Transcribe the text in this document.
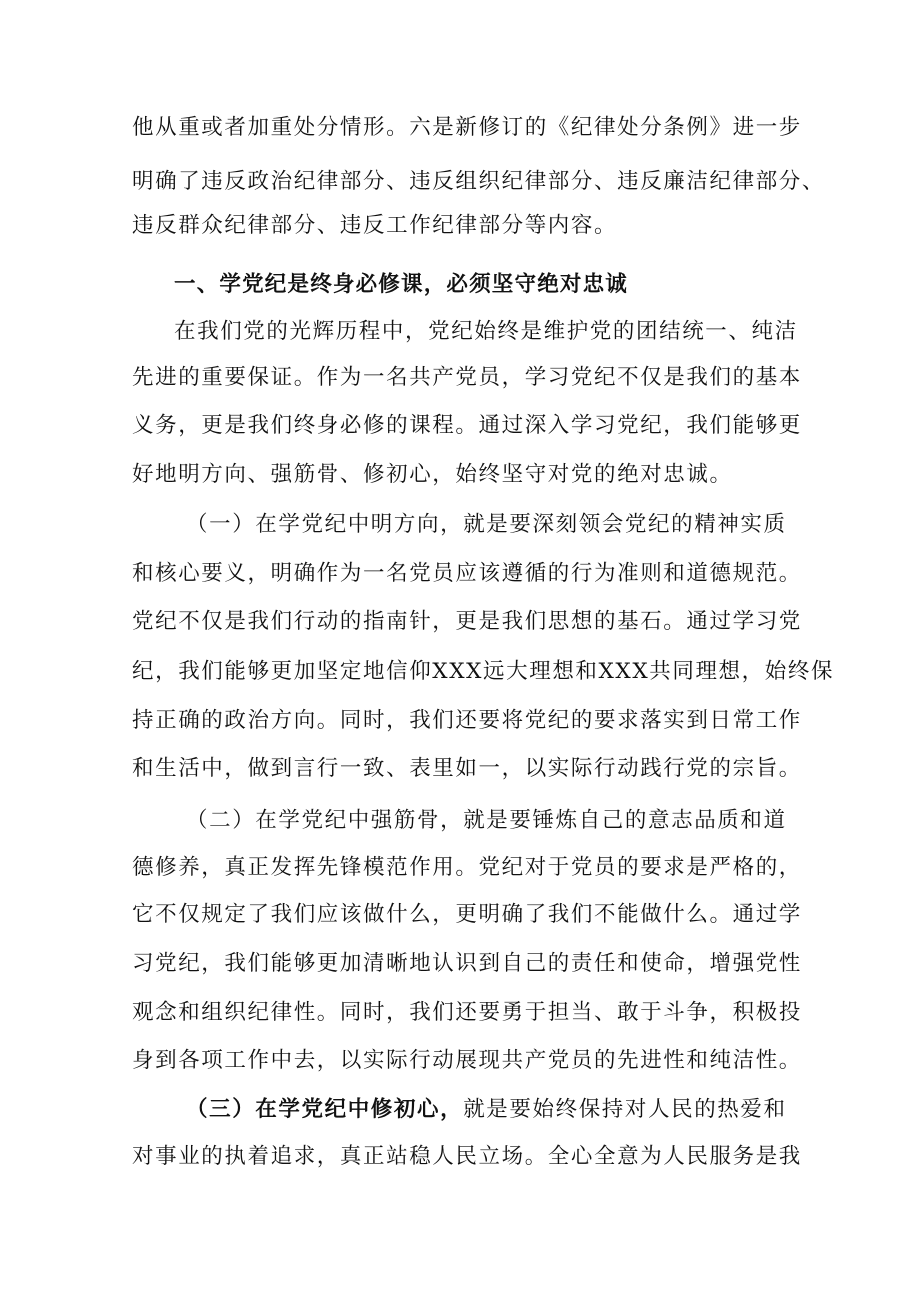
他从重或者加重处分情形。六是新修订的《纪律处分条例》进一步
明确了违反政治纪律部分、违反组织纪律部分、违反廉洁纪律部分、
违反群众纪律部分、违反工作纪律部分等内容。
一、学党纪是终身必修课，必须坚守绝对忠诚
在我们党的光辉历程中，党纪始终是维护党的团结统一、纯洁
先进的重要保证。作为一名共产党员，学习党纪不仅是我们的基本
义务，更是我们终身必修的课程。通过深入学习党纪，我们能够更
好地明方向、强筋骨、修初心，始终坚守对党的绝对忠诚。
（一）在学党纪中明方向，就是要深刻领会党纪的精神实质
和核心要义，明确作为一名党员应该遵循的行为准则和道德规范。
党纪不仅是我们行动的指南针，更是我们思想的基石。通过学习党
纪，我们能够更加坚定地信仰XXX远大理想和XXX共同理想，始终保
持正确的政治方向。同时，我们还要将党纪的要求落实到日常工作
和生活中，做到言行一致、表里如一，以实际行动践行党的宗旨。
（二）在学党纪中强筋骨，就是要锤炼自己的意志品质和道
德修养，真正发挥先锋模范作用。党纪对于党员的要求是严格的，
它不仅规定了我们应该做什么，更明确了我们不能做什么。通过学
习党纪，我们能够更加清晰地认识到自己的责任和使命，增强党性
观念和组织纪律性。同时，我们还要勇于担当、敢于斗争，积极投
身到各项工作中去，以实际行动展现共产党员的先进性和纯洁性。
（三）在学党纪中修初心，就是要始终保持对人民的热爱和
对事业的执着追求，真正站稳人民立场。全心全意为人民服务是我
